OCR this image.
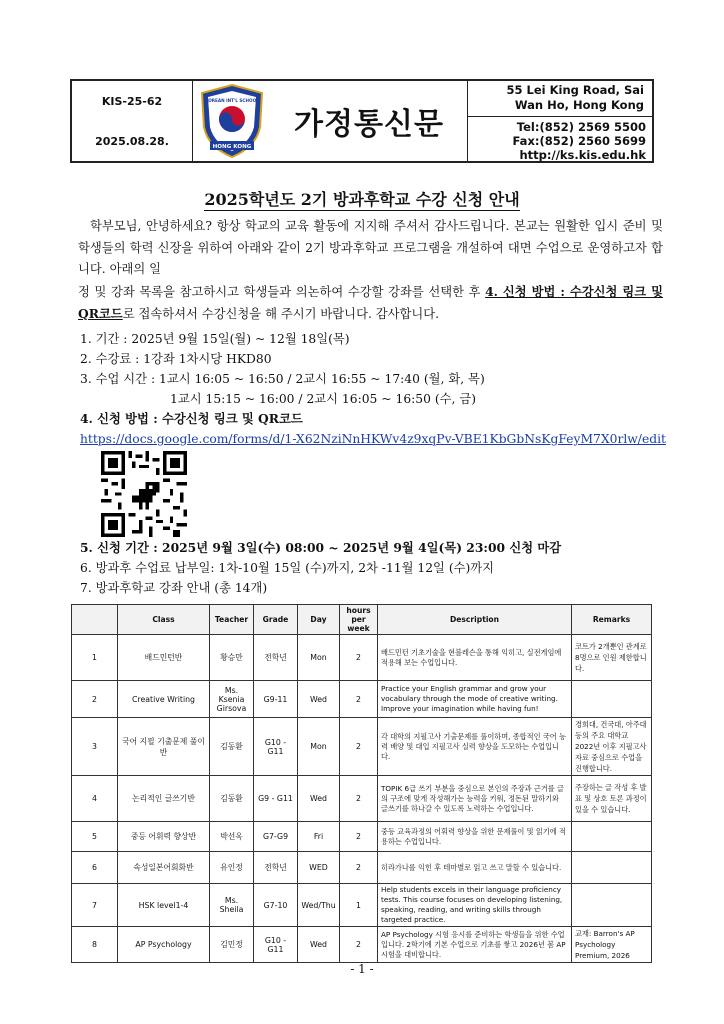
KIS-25-62
2025.08.28.	HONG KONG
KOREAN INT'L SCHOOL
가정통신문
55 Lei King Road, Sai
Wan Ho, Hong Kong
Tel:(852) 2569 5500
Fax:(852) 2560 5699
http://ks.kis.edu.hk
2025학년도 2기 방과후학교 수강 신청 안내

학부모님, 안녕하세요? 항상 학교의 교육 활동에 지지해 주셔서 감사드립니다. 본교는 원활한 입시 준비 및 학생들의 학력 신장을 위하여 아래와 같이 2기 방과후학교 프로그램을 개설하여 대면 수업으로 운영하고자 합니다. 아래의 일

정 및 강좌 목록을 참고하시고 학생들과 의논하여 수강할 강좌를 선택한 후 4. 신청 방법 : 수강신청 링크 및 QR코드로 접속하셔서 수강신청을 해 주시기 바랍니다. 감사합니다.

1. 기간 : 2025년 9월 15일(월) ~ 12월 18일(목)
2. 수강료 : 1강좌 1차시당 HKD80
3. 수업 시간 : 1교시 16:05 ~ 16:50 / 2교시 16:55 ~ 17:40 (월, 화, 목)
1교시 15:15 ~ 16:00 / 2교시 16:05 ~ 16:50 (수, 금)
4. 신청 방법 : 수강신청 링크 및 QR코드
https://docs.google.com/forms/d/1-X62NziNnHKWv4z9xqPv-VBE1KbGbNsKgFeyM7X0rlw/edit
5. 신청 기간 : 2025년 9월 3일(수) 08:00 ~ 2025년 9월 4일(목) 23:00 신청 마감
6. 방과후 수업료 납부일: 1차-10월 15일 (수)까지, 2차 -11월 12일 (수)까지
7. 방과후학교 강좌 안내 (총 14개)
	Class	Teacher	Grade	Day	hours per week	Description	Remarks
1	배드민턴반	황승만	전학년	Mon	2	배드민턴 기초기술을 현블레슨을 통해 익히고, 실전게임에 적용해 보는 수업입니다.	코트가 2개뿐인 관계로 8명으로 인원 제한합니다.
2	Creative Writing	Ms. Ksenia Girsova	G9-11	Wed	2	Practice your English grammar and grow your vocabulary through the mode of creative writing. Improve your imagination while having fun!	
3	국어 지필 기출문제 풀이반	김동환	G10 - G11	Mon	2	각 대학의 지필고사 기출문제를 풀이하며, 종합적인 국어 능력 배양 및 대입 지필고사 실력 향상을 도모하는 수업입니다.	경희대, 건국대, 아주대 등의 주요 대학교 2022년 이후 지필고사 자료 중심으로 수업을 진행합니다.
4	논리적인 글쓰기반	김동환	G9 - G11	Wed	2	TOPIK 6급 쓰기 부분을 중심으로 본인의 주장과 근거를 글의 구조에 맞게 작성해가는 능력을 키워, 정돈된 말하기와 글쓰기를 하나갈 수 있도록 노력하는 수업입니다.	주장하는 글 작성 후 발표 및 상호 토론 과정이 있을 수 있습니다.
5	중등 어휘력 향상반	박선옥	G7-G9	Fri	2	중등 교육과정의 어휘력 향상을 위한 문제풀이 및 읽기에 적용하는 수업입니다.	
6	속성일본어회화반	유인정	전학년	WED	2	히라가나를 익힌 후 테마별로 읽고 쓰고 말할 수 있습니다.	
7	HSK level1-4	Ms. Sheila	G7-10	Wed/Thu	1	Help students excels in their language proficiency tests. This course focuses on developing listening, speaking, reading, and writing skills through targeted practice.	
8	AP Psychology	김민정	G10 - G11	Wed	2	AP Psychology 시험 응시를 준비하는 학생들을 위한 수업입니다. 2학기에 기본 수업으로 기초를 쌓고 2026년 봄 AP 시험을 대비합니다.	교재: Barron's AP Psychology Premium, 2026
- 1 -
